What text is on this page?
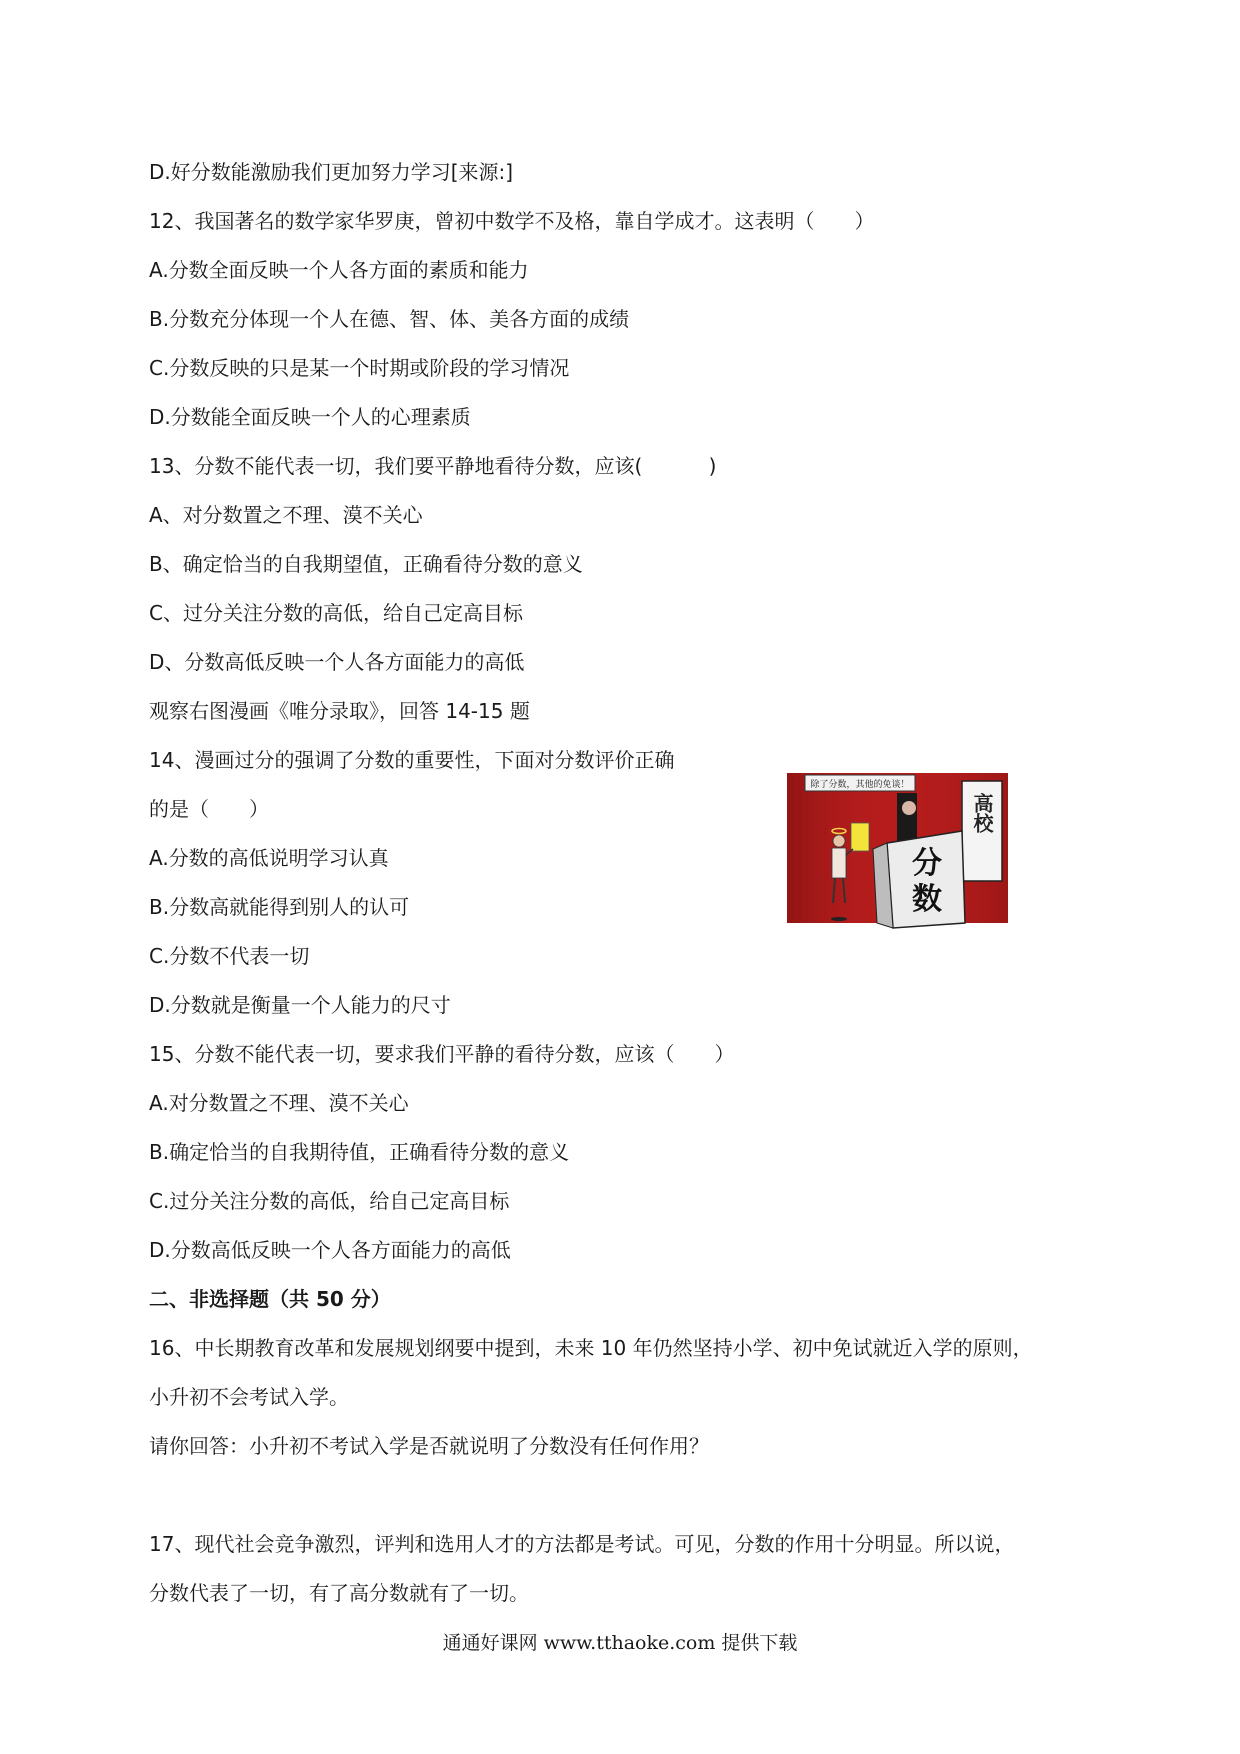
D.好分数能激励我们更加努力学习[来源:]

12、我国著名的数学家华罗庚，曾初中数学不及格，靠自学成才。这表明（　　）

A.分数全面反映一个人各方面的素质和能力

B.分数充分体现一个人在德、智、体、美各方面的成绩

C.分数反映的只是某一个时期或阶段的学习情况

D.分数能全面反映一个人的心理素质

13、分数不能代表一切，我们要平静地看待分数，应该(　　　 )

A、对分数置之不理、漠不关心

B、确定恰当的自我期望值，正确看待分数的意义

C、过分关注分数的高低，给自己定高目标

D、分数高低反映一个人各方面能力的高低

观察右图漫画《唯分录取》，回答 14-15 题

14、漫画过分的强调了分数的重要性，下面对分数评价正确

的是（　　）

A.分数的高低说明学习认真

B.分数高就能得到别人的认可

C.分数不代表一切

D.分数就是衡量一个人能力的尺寸

15、分数不能代表一切，要求我们平静的看待分数，应该（　　）

A.对分数置之不理、漠不关心

B.确定恰当的自我期待值，正确看待分数的意义

C.过分关注分数的高低，给自己定高目标

D.分数高低反映一个人各方面能力的高低

二、非选择题（共 50 分）

16、中长期教育改革和发展规划纲要中提到，未来 10 年仍然坚持小学、初中免试就近入学的原则，

小升初不会考试入学。

请你回答：小升初不考试入学是否就说明了分数没有任何作用？

17、现代社会竞争激烈，评判和选用人才的方法都是考试。可见，分数的作用十分明显。所以说，

分数代表了一切，有了高分数就有了一切。

除了分数，其他的免谈！
高校
分
数
通通好课网 www.tthaoke.com 提供下载
